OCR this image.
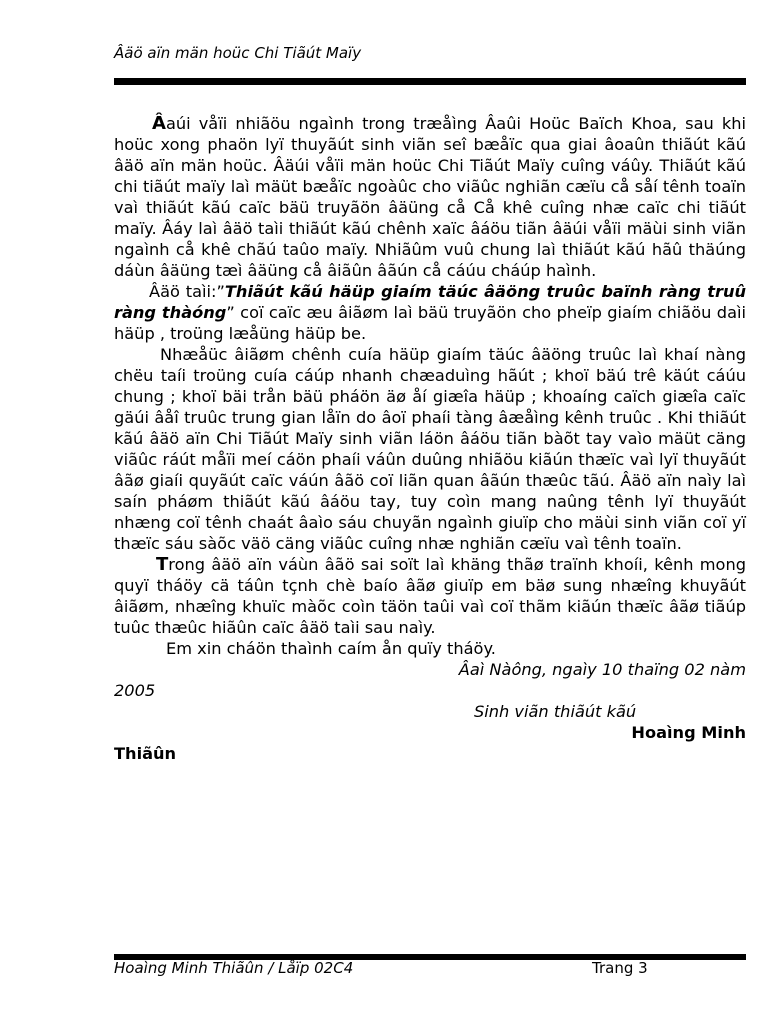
Âäö aïn män hoüc Chi Tiãút Maïy

Âaúi våïi nhiãöu ngaình trong træåìng Âaûi Hoüc Baïch Khoa, sau khi hoüc xong phaön lyï thuyãút sinh viãn seî bæåïc qua giai âoaûn thiãút kãú âäö aïn män hoüc. Âäúi våïi män hoüc Chi Tiãút Maïy cuîng váûy. Thiãút kãú chi tiãút maïy laì mäüt bæåïc ngoàûc cho viãûc nghiãn cæïu cå såí tênh toaïn vaì thiãút kãú caïc bäü truyãön âäüng cå Cå khê cuîng nhæ caïc chi tiãút maïy. Âáy laì âäö taìi thiãút kãú chênh xaïc âáöu tiãn âäúi våïi mäùi sinh viãn ngaình cå khê chãú taûo maïy. Nhiãûm vuû chung laì thiãút kãú hãû thäúng dáùn âäüng tæì âäüng cå âiãûn âãún cå cáúu cháúp haình.

Âäö taìi:”Thiãút kãú häüp giaím täúc âäöng truûc baïnh ràng truû ràng thàóng” coï caïc æu âiãøm laì bäü truyãön cho pheïp giaím chiãöu daìi häüp , troüng læåüng häüp be.

Nhæåüc âiãøm chênh cuía häüp giaím täúc âäöng truûc laì khaí nàng chëu taíi troüng cuía cáúp nhanh chæaduìng hãút ; khoï bäú trê käút cáúu chung ; khoï bäi trån bäü pháön äø åí giæîa häüp ; khoaíng caïch giæîa caïc gäúi âåî truûc trung gian låïn do âoï phaíi tàng âæåìng kênh truûc . Khi thiãút kãú âäö aïn Chi Tiãút Maïy sinh viãn láön âáöu tiãn bàõt tay vaìo mäüt cäng viãûc ráút måïi meí cáön phaíi váûn duûng nhiãöu kiãún thæïc vaì lyï thuyãút âãø giaíi quyãút caïc váún âãö coï liãn quan âãún thæûc tãú. Âäö aïn naìy laì saín pháøm thiãút kãú âáöu tay, tuy coìn mang naûng tênh lyï thuyãút nhæng coï tênh chaát âaìo sáu chuyãn ngaình giuïp cho mäùi sinh viãn coï yï thæïc sáu sàõc väö cäng viãûc cuîng nhæ nghiãn cæïu vaì tênh toaïn.

Trong âäö aïn váùn âãö sai soït laì khäng thãø traïnh khoíi, kênh mong quyï tháöy cä táûn tçnh chè baío âãø giuïp em bäø sung nhæîng khuyãút âiãøm, nhæîng khuïc màõc coìn täön taûi vaì coï thãm kiãún thæïc âãø tiãúp tuûc thæûc hiãûn caïc âäö taìi sau naìy.

Em xin cháön thaình caím ån quïy tháöy.

Âaì Nàông, ngaìy 10 thaïng 02 nàm

2005

Sinh viãn thiãút kãú

Hoaìng Minh

Thiãûn

Hoaìng Minh Thiãûn / Låïp 02C4	Trang 3
